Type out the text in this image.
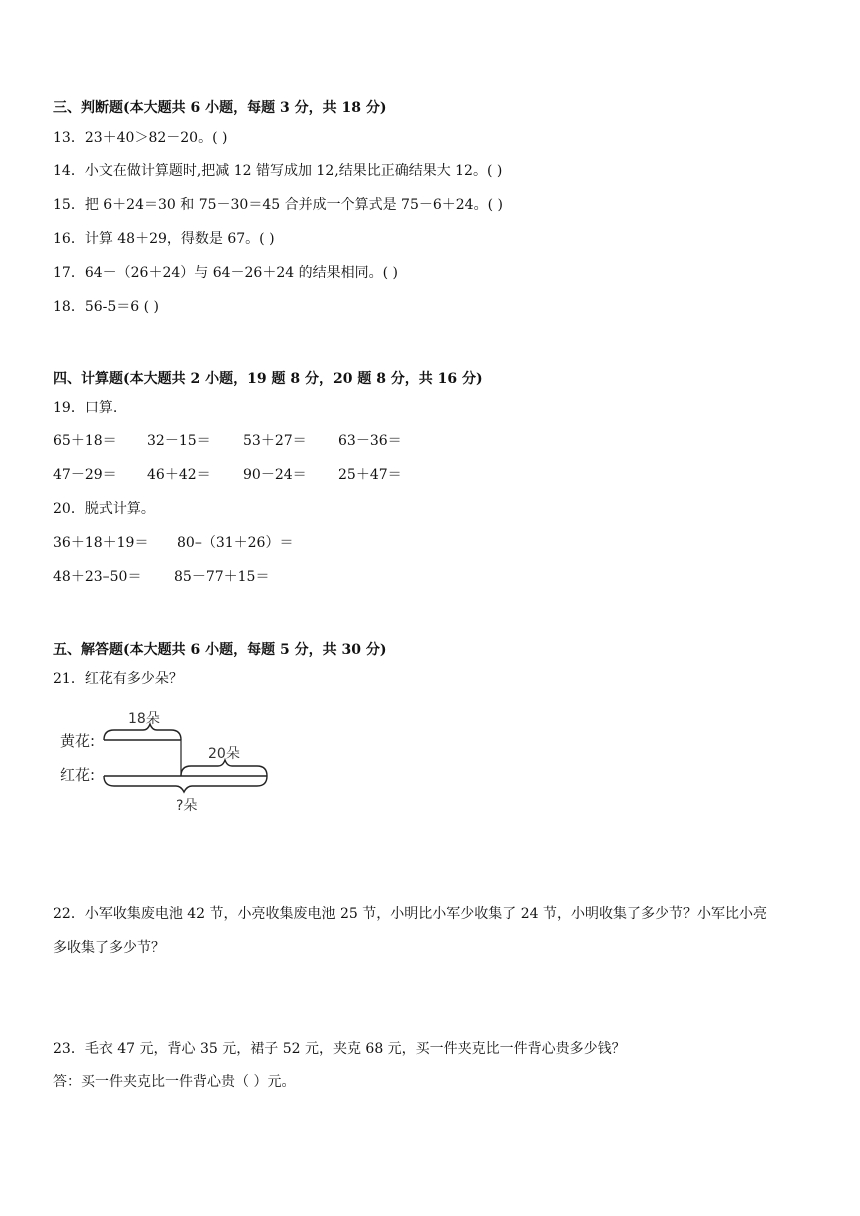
三、判断题(本大题共 6 小题，每题 3 分，共 18 分)
13．23＋40＞82－20。( )
14．小文在做计算题时,把减 12 错写成加 12,结果比正确结果大 12。( )
15．把 6＋24＝30 和 75－30＝45 合并成一个算式是 75－6＋24。( )
16．计算 48＋29，得数是 67。( )
17．64－（26＋24）与 64－26＋24 的结果相同。( )
18．56-5＝6 ( )
四、计算题(本大题共 2 小题，19 题 8 分，20 题 8 分，共 16 分)
19．口算.
65＋18＝ 32－15＝ 53＋27＝ 63－36＝
47－29＝ 46＋42＝ 90－24＝ 25＋47＝
20．脱式计算。
36＋18＋19＝ 80–（31＋26）＝
48＋23–50＝ 85－77＋15＝
五、解答题(本大题共 6 小题，每题 5 分，共 30 分)
21．红花有多少朵？
18朵
黄花:
20朵
红花:
?朵
22．小军收集废电池 42 节，小亮收集废电池 25 节，小明比小军少收集了 24 节，小明收集了多少节？小军比小亮
多收集了多少节？
23．毛衣 47 元，背心 35 元，裙子 52 元，夹克 68 元，买一件夹克比一件背心贵多少钱？
答：买一件夹克比一件背心贵（ ）元。
